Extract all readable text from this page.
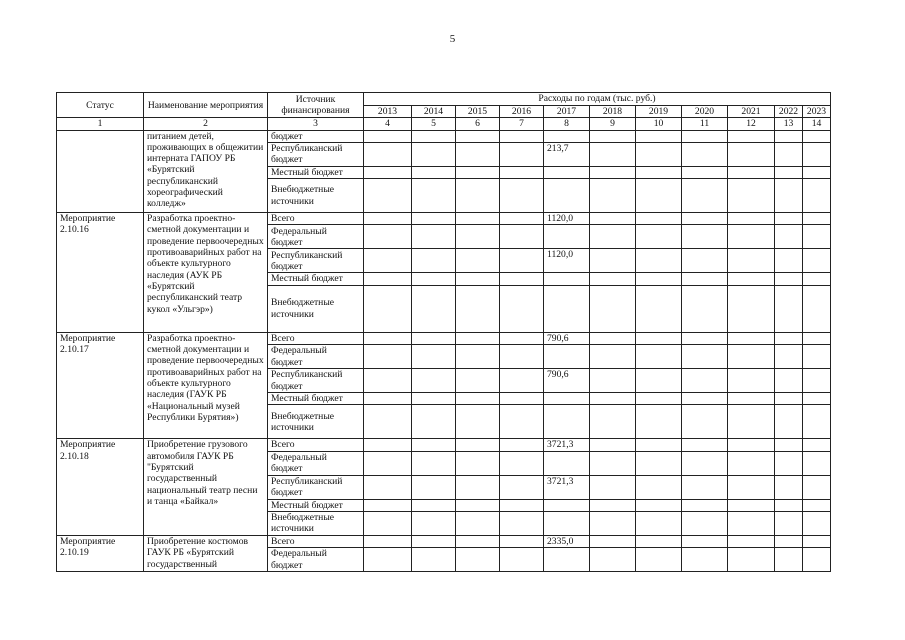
5
Статус	Наименование мероприятия	Источник финансирования	Расходы по годам (тыс. руб.)										
			2013	2014	2015	2016	2017	2018	2019	2020	2021	2022	2023
1	2	3	4	5	6	7	8	9	10	11	12	13	14
	питанием детей, проживающих в общежитии интерната ГАПОУ РБ «Бурятский республиканский хореографический колледж»	бюджет											
		Республиканский бюджет					213,7						
		Местный бюджет											
		Внебюджетные источники											
Мероприятие 2.10.16	Разработка проектно-сметной документации и проведение первоочередных противоаварийных работ на объекте культурного наследия (АУК РБ «Бурятский республиканский театр кукол «Ульгэр»)	Всего					1120,0						
		Федеральный бюджет											
		Республиканский бюджет					1120,0						
		Местный бюджет											
		Внебюджетные источники											
Мероприятие 2.10.17	Разработка проектно-сметной документации и проведение первоочередных противоаварийных работ на объекте культурного наследия (ГАУК РБ «Национальный музей Республики Бурятия»)	Всего					790,6						
		Федеральный бюджет											
		Республиканский бюджет					790,6						
		Местный бюджет											
		Внебюджетные источники											
Мероприятие 2.10.18	Приобретение грузового автомобиля ГАУК РБ "Бурятский государственный национальный театр песни и танца «Байкал»	Всего					3721,3						
		Федеральный бюджет											
		Республиканский бюджет					3721,3						
		Местный бюджет											
		Внебюджетные источники											
Мероприятие 2.10.19	Приобретение костюмов ГАУК РБ «Бурятский государственный	Всего					2335,0						
		Федеральный бюджет											
